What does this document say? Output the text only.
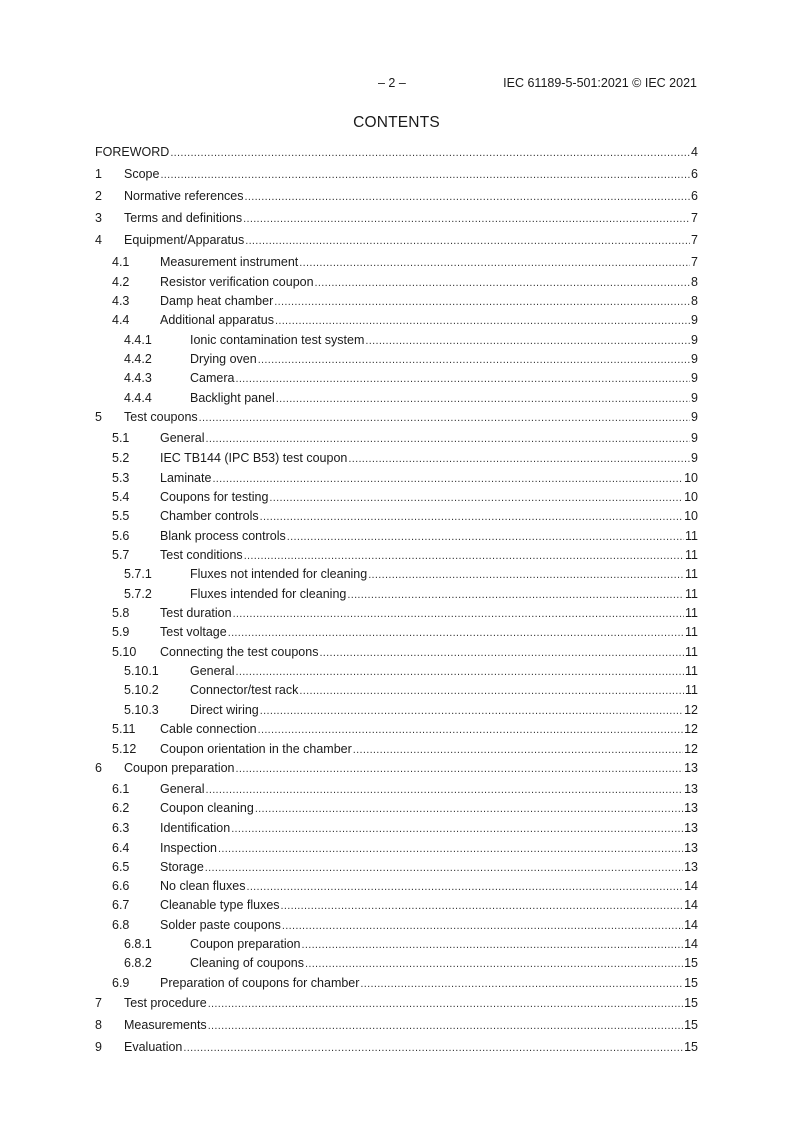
– 2 –	IEC 61189-5-501:2021 © IEC 2021
CONTENTS
FOREWORD .....	4
1 Scope .....	6
2 Normative references .....	6
3 Terms and definitions .....	7
4 Equipment/Apparatus .....	7
4.1 Measurement instrument .....	7
4.2 Resistor verification coupon .....	8
4.3 Damp heat chamber .....	8
4.4 Additional apparatus .....	9
4.4.1	Ionic contamination test system .....	9
4.4.2	Drying oven .....	9
4.4.3	Camera .....	9
4.4.4	Backlight panel .....	9
5 Test coupons .....	9
5.1 General .....	9
5.2 IEC TB144 (IPC B53) test coupon .....	9
5.3 Laminate .....	10
5.4 Coupons for testing .....	10
5.5 Chamber controls .....	10
5.6 Blank process controls .....	11
5.7 Test conditions .....	11
5.7.1	Fluxes not intended for cleaning .....	11
5.7.2	Fluxes intended for cleaning .....	11
5.8 Test duration .....	11
5.9 Test voltage .....	11
5.10 Connecting the test coupons .....	11
5.10.1 General .....	11
5.10.2 Connector/test rack .....	11
5.10.3 Direct wiring .....	12
5.11 Cable connection .....	12
5.12 Coupon orientation in the chamber .....	12
6 Coupon preparation .....	13
6.1 General .....	13
6.2 Coupon cleaning .....	13
6.3 Identification .....	13
6.4 Inspection .....	13
6.5 Storage .....	13
6.6 No clean fluxes .....	14
6.7 Cleanable type fluxes .....	14
6.8 Solder paste coupons .....	14
6.8.1	Coupon preparation .....	14
6.8.2	Cleaning of coupons .....	15
6.9 Preparation of coupons for chamber .....	15
7 Test procedure .....	15
8 Measurements .....	15
9 Evaluation .....	15
